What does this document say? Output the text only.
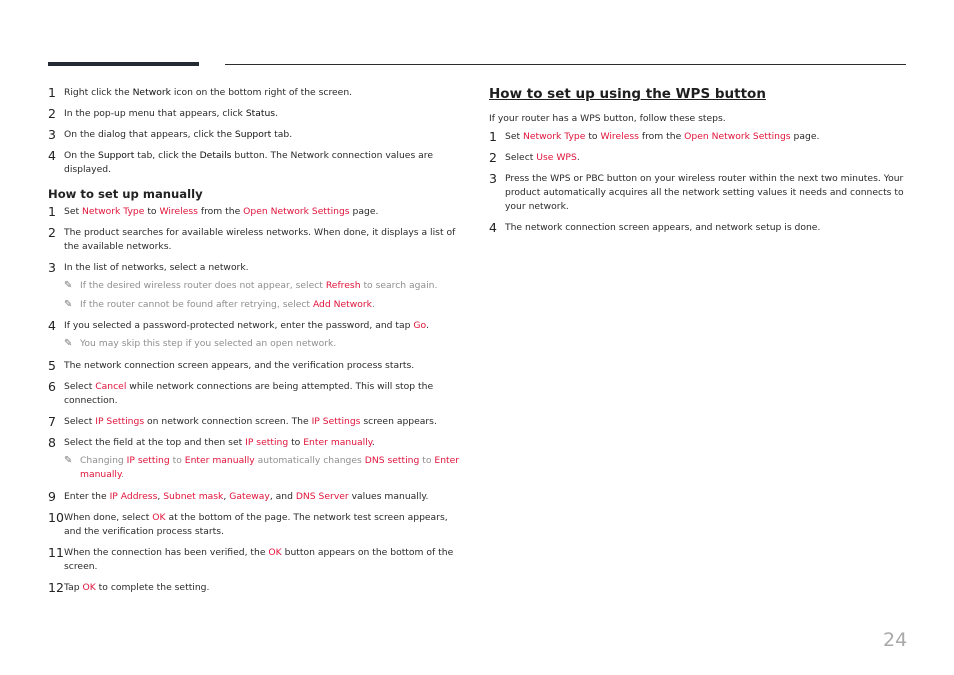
1 Right click the Network icon on the bottom right of the screen.
2 In the pop-up menu that appears, click Status.
3 On the dialog that appears, click the Support tab.
4 On the Support tab, click the Details button. The Network connection values are displayed.
How to set up manually
1 Set Network Type to Wireless from the Open Network Settings page.
2 The product searches for available wireless networks. When done, it displays a list of the available networks.
3 In the list of networks, select a network.
✎ If the desired wireless router does not appear, select Refresh to search again.
✎ If the router cannot be found after retrying, select Add Network.
4 If you selected a password-protected network, enter the password, and tap Go.
✎ You may skip this step if you selected an open network.
5 The network connection screen appears, and the verification process starts.
6 Select Cancel while network connections are being attempted. This will stop the connection.
7 Select IP Settings on network connection screen. The IP Settings screen appears.
8 Select the field at the top and then set IP setting to Enter manually.
✎ Changing IP setting to Enter manually automatically changes DNS setting to Enter manually.
9 Enter the IP Address, Subnet mask, Gateway, and DNS Server values manually.
10 When done, select OK at the bottom of the page. The network test screen appears, and the verification process starts.
11 When the connection has been verified, the OK button appears on the bottom of the screen.
12 Tap OK to complete the setting.
How to set up using the WPS button
If your router has a WPS button, follow these steps.
1 Set Network Type to Wireless from the Open Network Settings page.
2 Select Use WPS.
3 Press the WPS or PBC button on your wireless router within the next two minutes. Your product automatically acquires all the network setting values it needs and connects to your network.
4 The network connection screen appears, and network setup is done.
24
